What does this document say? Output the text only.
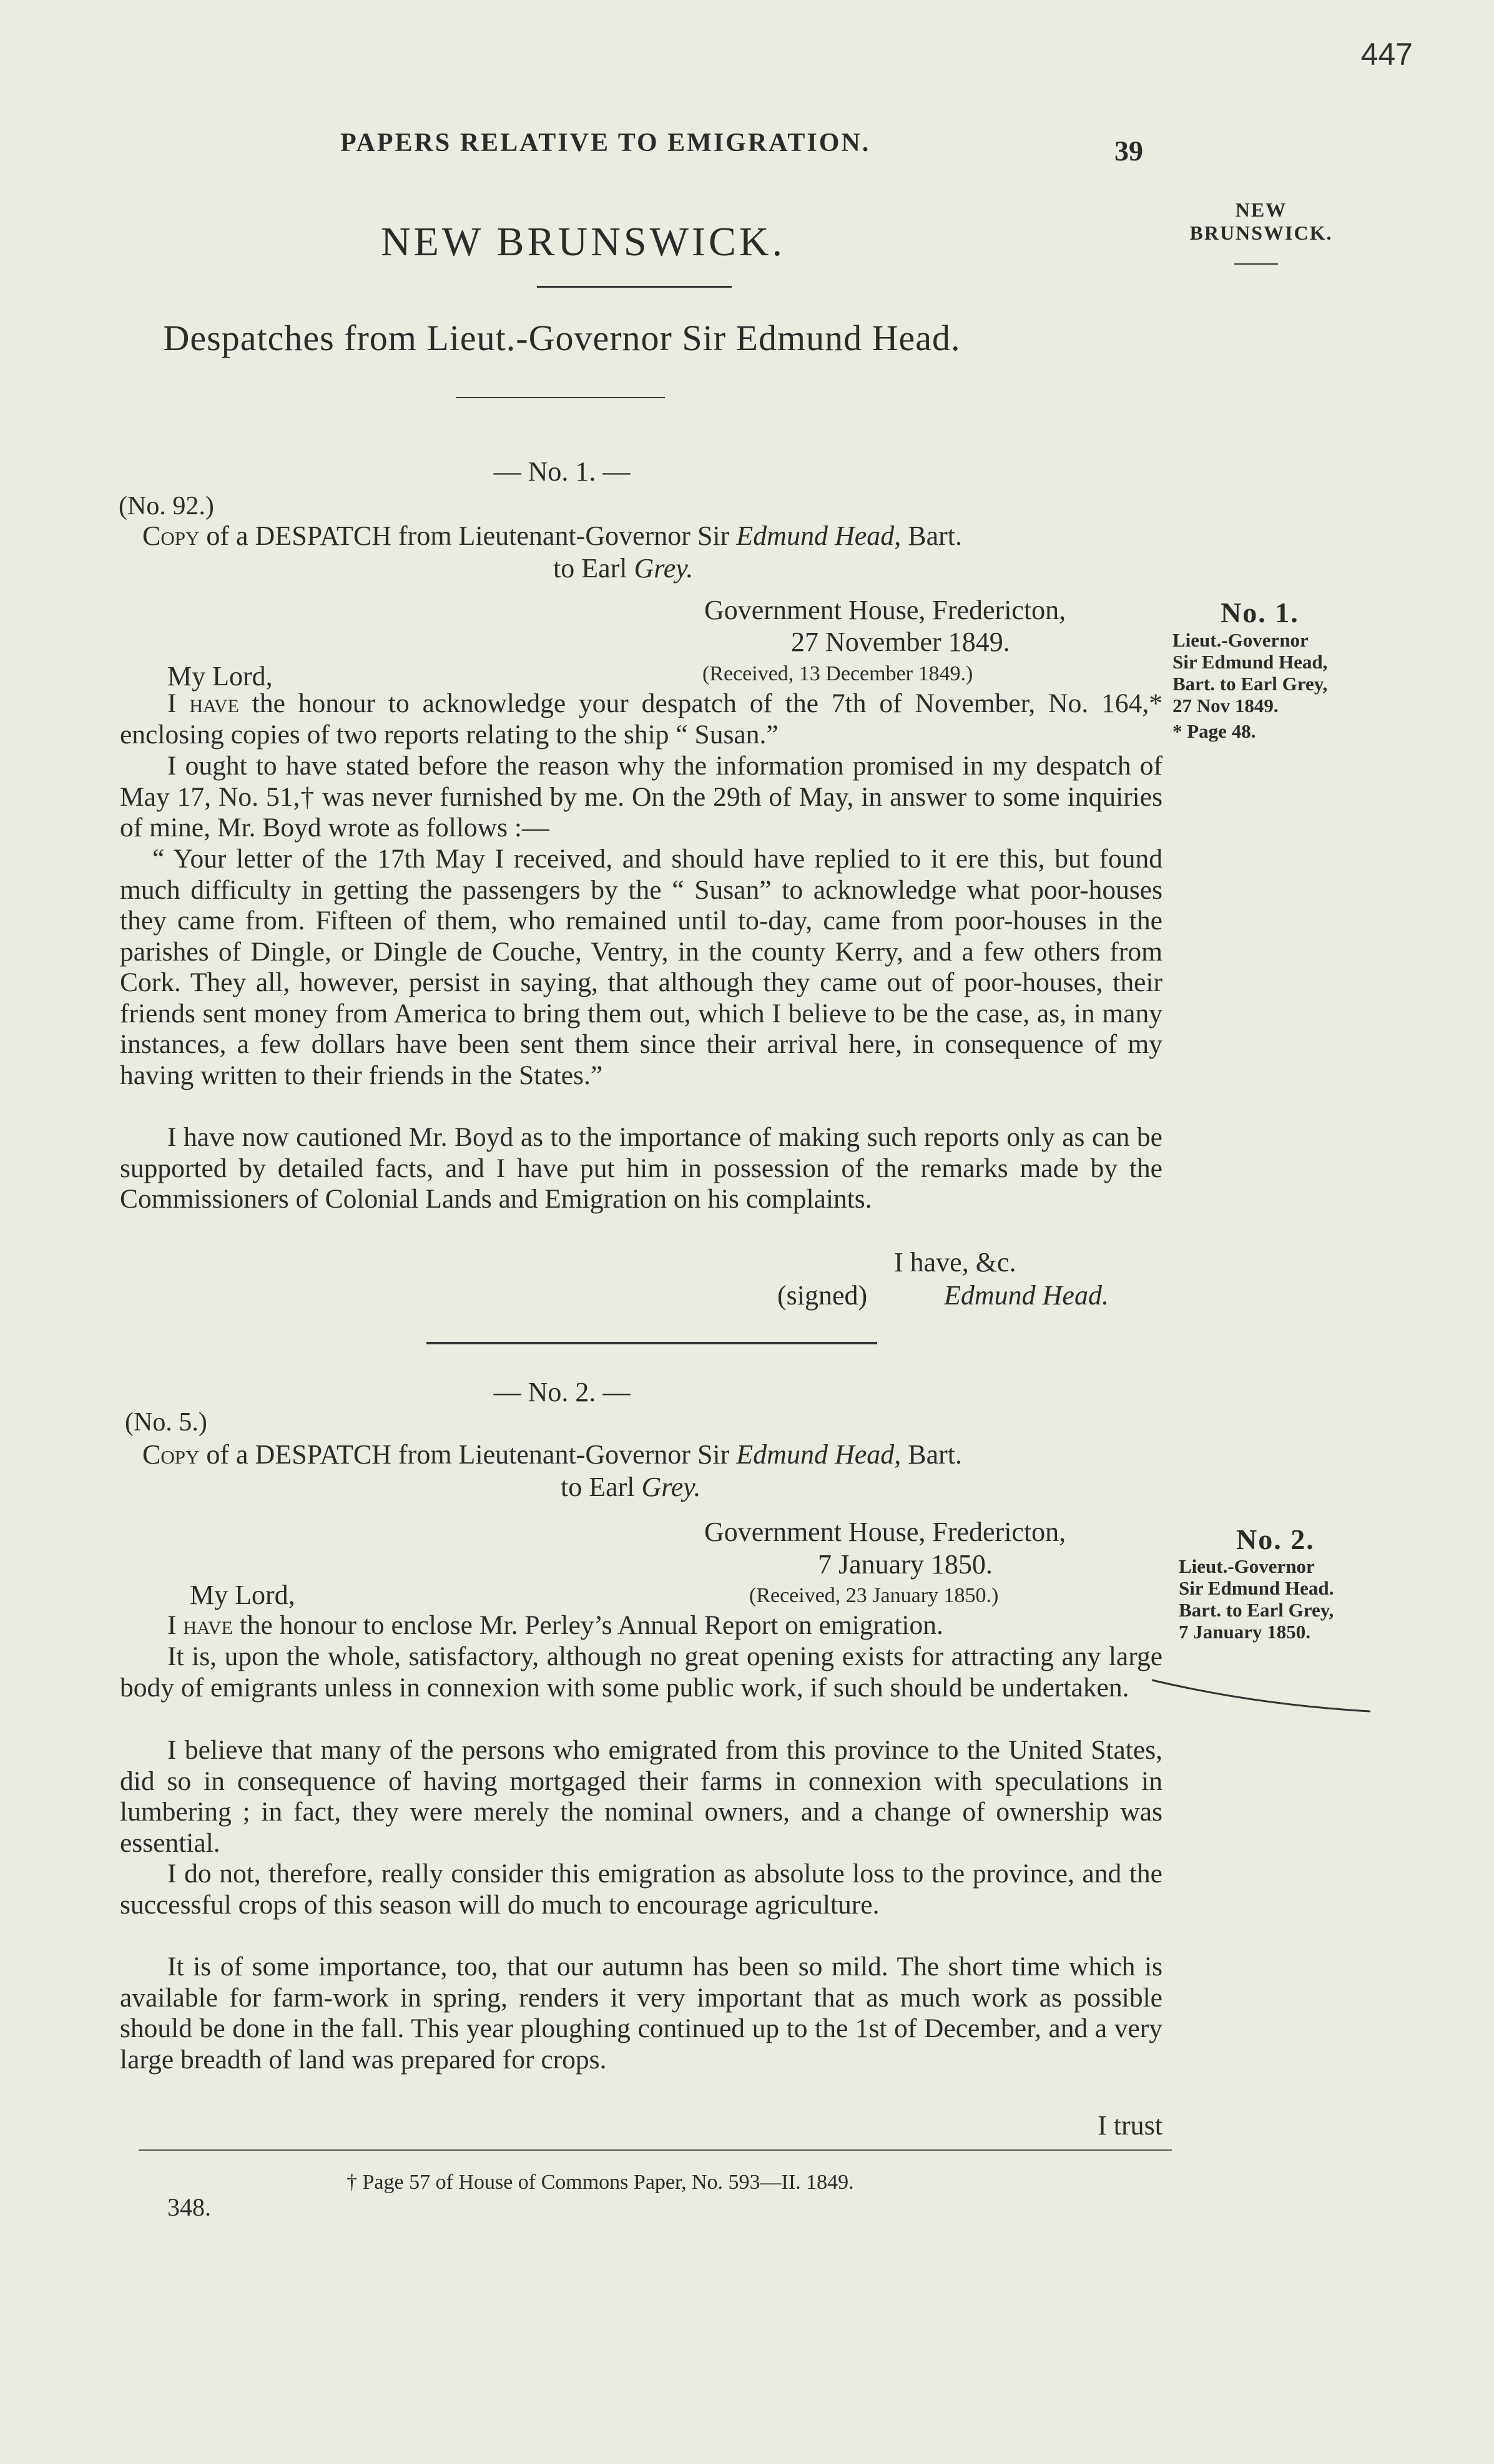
447
PAPERS RELATIVE TO EMIGRATION.	39
NEW BRUNSWICK.
Despatches from Lieut.-Governor Sir Edmund Head.
NEW BRUNSWICK.
— No. 1. —
(No. 92.)
Copy of a DESPATCH from Lieutenant-Governor Sir Edmund Head, Bart.
to Earl Grey.
Government House, Fredericton,
27 November 1849.
(Received, 13 December 1849.)
My Lord,
No. 1.
Lieut.-Governor
Sir Edmund Head,
Bart. to Earl Grey,
27 Nov 1849.
* Page 48.
I have the honour to acknowledge your despatch of the 7th of November, No. 164,* enclosing copies of two reports relating to the ship “ Susan.”
I ought to have stated before the reason why the information promised in my despatch of May 17, No. 51,† was never furnished by me. On the 29th of May, in answer to some inquiries of mine, Mr. Boyd wrote as follows :—
“ Your letter of the 17th May I received, and should have replied to it ere this, but found much difficulty in getting the passengers by the “ Susan” to acknowledge what poor-houses they came from. Fifteen of them, who remained until to-day, came from poor-houses in the parishes of Dingle, or Dingle de Couche, Ventry, in the county Kerry, and a few others from Cork. They all, however, persist in saying, that although they came out of poor-houses, their friends sent money from America to bring them out, which I believe to be the case, as, in many instances, a few dollars have been sent them since their arrival here, in consequence of my having written to their friends in the States.”
I have now cautioned Mr. Boyd as to the importance of making such reports only as can be supported by detailed facts, and I have put him in possession of the remarks made by the Commissioners of Colonial Lands and Emigration on his complaints.
I have, &c.
(signed)	Edmund Head.
— No. 2. —
(No. 5.)
Copy of a DESPATCH from Lieutenant-Governor Sir Edmund Head, Bart.
to Earl Grey.
Government House, Fredericton,
7 January 1850.
(Received, 23 January 1850.)
My Lord,
No. 2.
Lieut.-Governor
Sir Edmund Head.
Bart. to Earl Grey,
7 January 1850.
I have the honour to enclose Mr. Perley’s Annual Report on emigration.
It is, upon the whole, satisfactory, although no great opening exists for attracting any large body of emigrants unless in connexion with some public work, if such should be undertaken.
I believe that many of the persons who emigrated from this province to the United States, did so in consequence of having mortgaged their farms in connexion with speculations in lumbering ; in fact, they were merely the nominal owners, and a change of ownership was essential.
I do not, therefore, really consider this emigration as absolute loss to the province, and the successful crops of this season will do much to encourage agriculture.
It is of some importance, too, that our autumn has been so mild. The short time which is available for farm-work in spring, renders it very important that as much work as possible should be done in the fall. This year ploughing continued up to the 1st of December, and a very large breadth of land was prepared for crops.
I trust
† Page 57 of House of Commons Paper, No. 593—II. 1849.
348.
